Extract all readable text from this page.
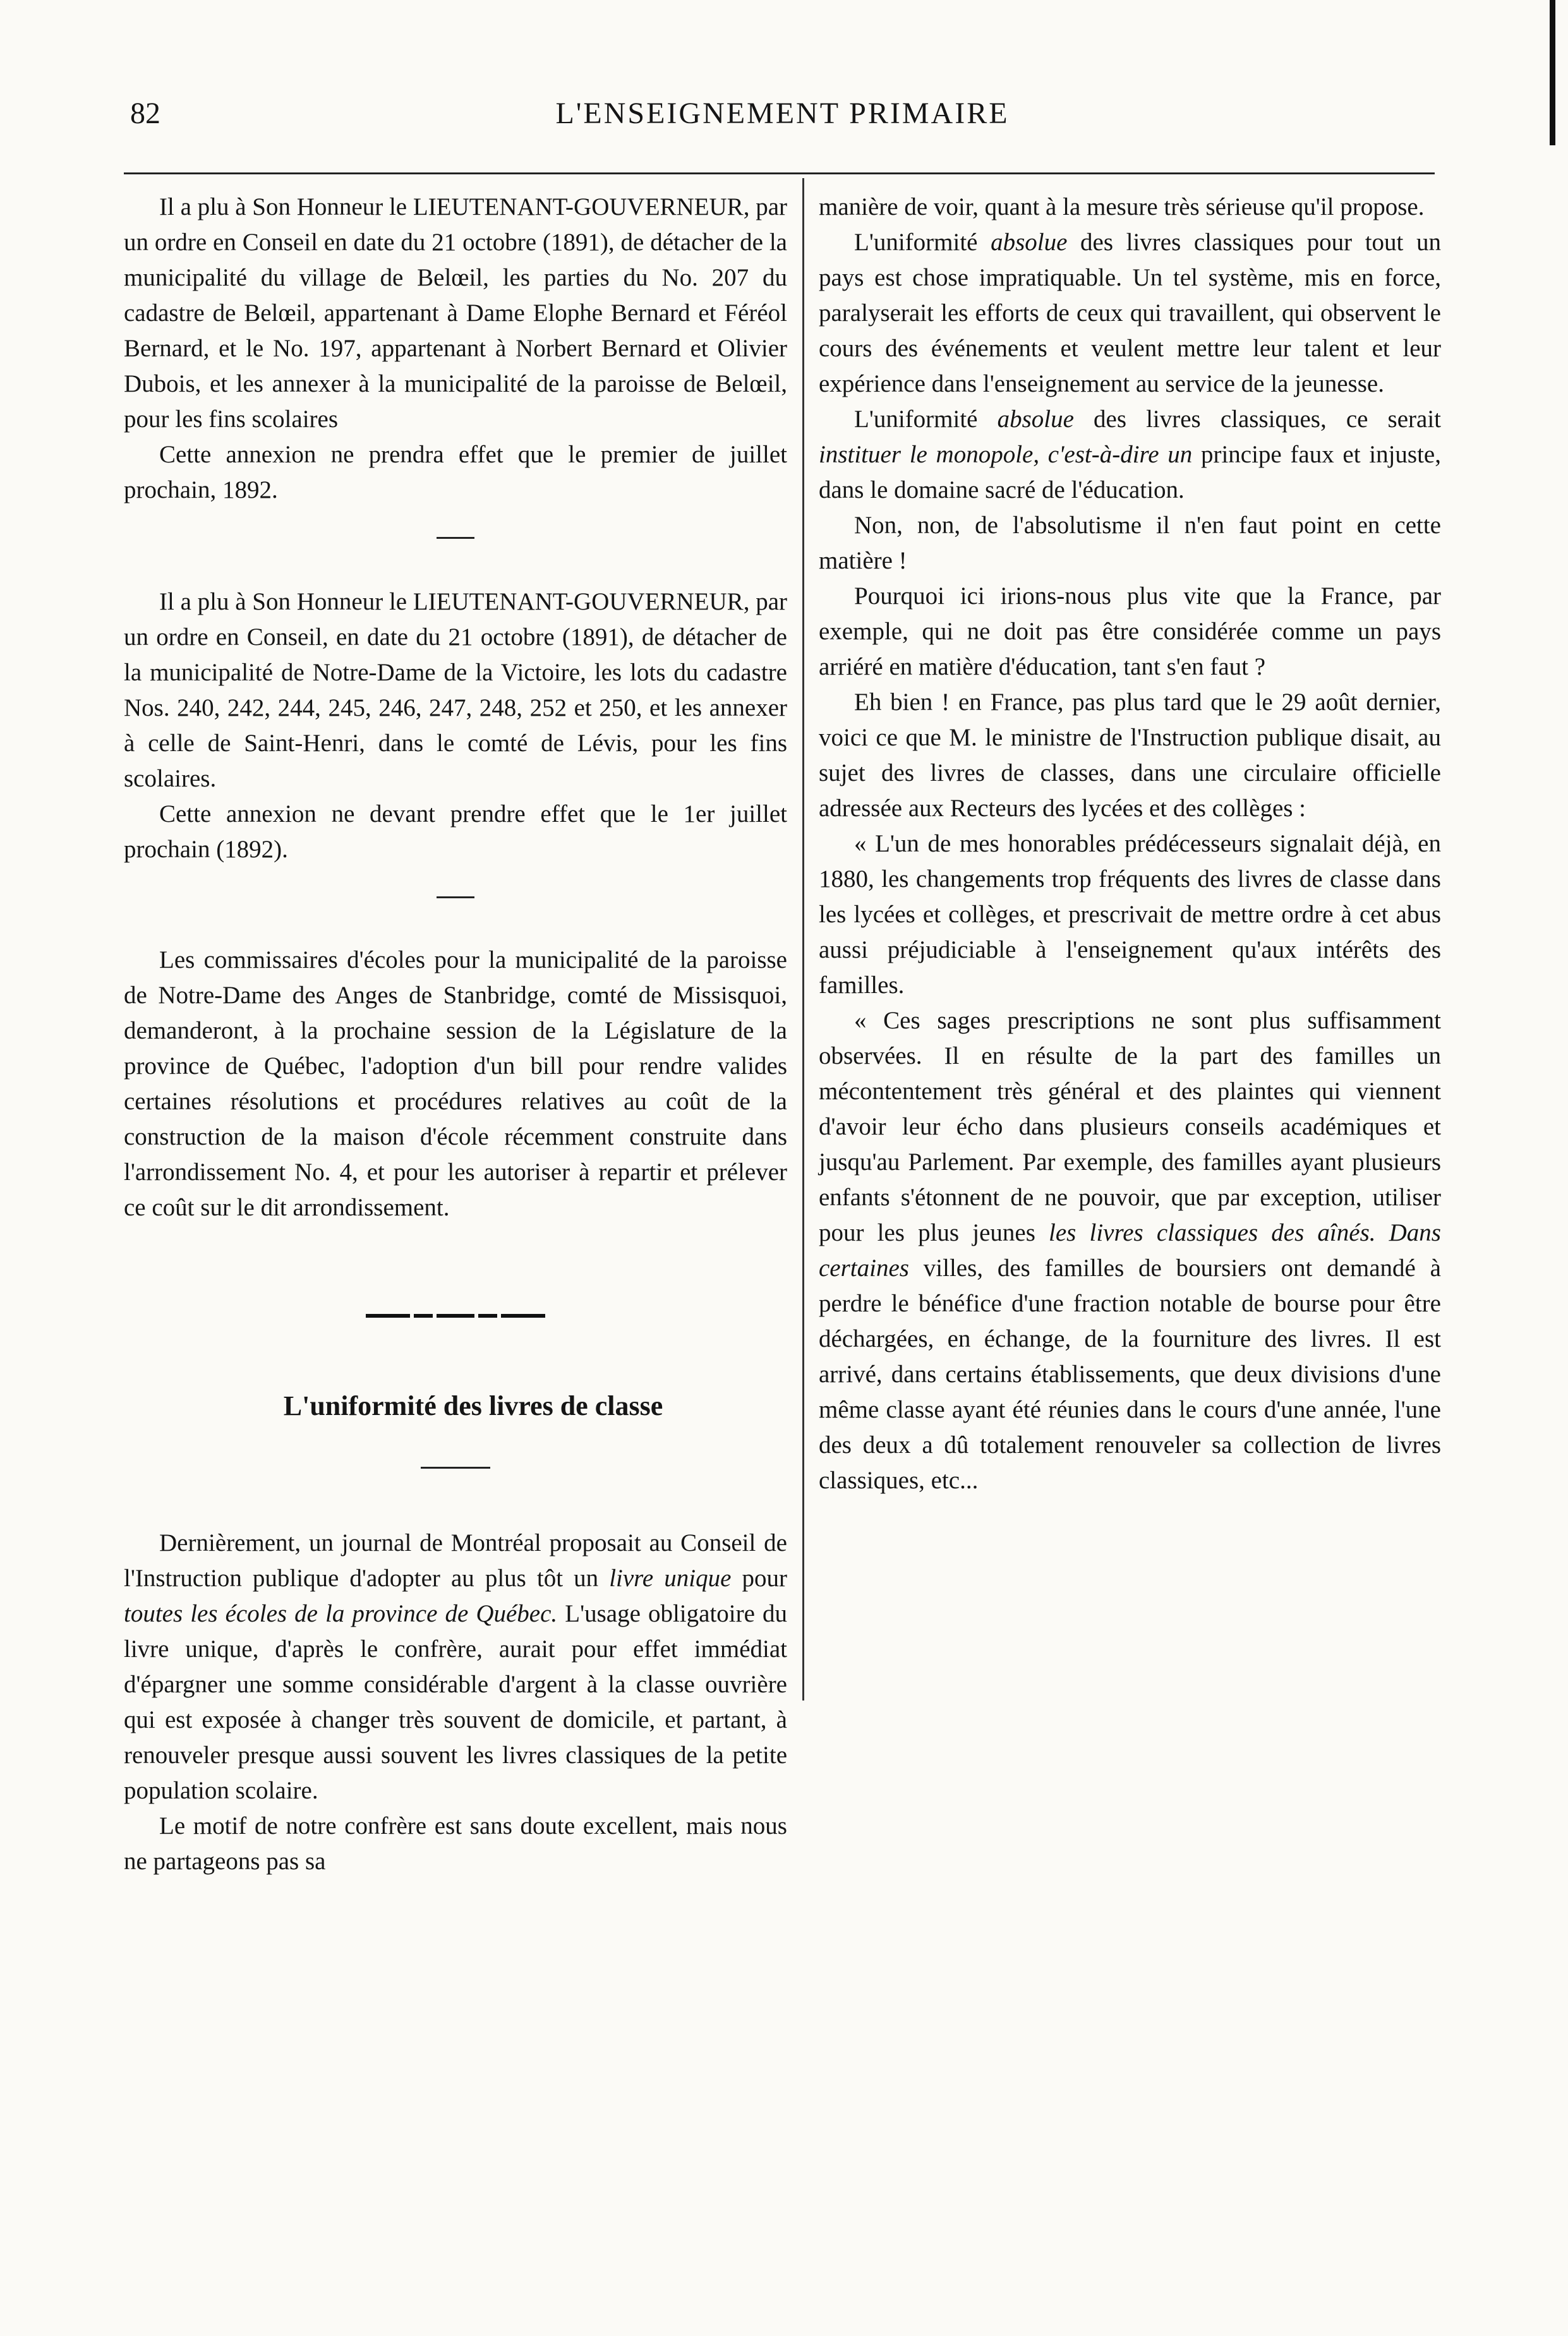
82	L'ENSEIGNEMENT PRIMAIRE

Il a plu à Son Honneur le LIEUTENANT-GOUVERNEUR, par un ordre en Conseil en date du 21 octobre (1891), de détacher de la municipalité du village de Belœil, les parties du No. 207 du cadastre de Belœil, appartenant à Dame Elophe Bernard et Féréol Bernard, et le No. 197, appartenant à Norbert Bernard et Olivier Dubois, et les annexer à la municipalité de la paroisse de Belœil, pour les fins scolaires

Cette annexion ne prendra effet que le premier de juillet prochain, 1892.

Il a plu à Son Honneur le LIEUTENANT-GOUVERNEUR, par un ordre en Conseil, en date du 21 octobre (1891), de détacher de la municipalité de Notre-Dame de la Victoire, les lots du cadastre Nos. 240, 242, 244, 245, 246, 247, 248, 252 et 250, et les annexer à celle de Saint-Henri, dans le comté de Lévis, pour les fins scolaires.

Cette annexion ne devant prendre effet que le 1er juillet prochain (1892).

Les commissaires d'écoles pour la municipalité de la paroisse de Notre-Dame des Anges de Stanbridge, comté de Missisquoi, demanderont, à la prochaine session de la Législature de la province de Québec, l'adoption d'un bill pour rendre valides certaines résolutions et procédures relatives au coût de la construction de la maison d'école récemment construite dans l'arrondissement No. 4, et pour les autoriser à repartir et prélever ce coût sur le dit arrondissement.

L'uniformité des livres de classe

Dernièrement, un journal de Montréal proposait au Conseil de l'Instruction publique d'adopter au plus tôt un livre unique pour toutes les écoles de la province de Québec. L'usage obligatoire du livre unique, d'après le confrère, aurait pour effet immédiat d'épargner une somme considérable d'argent à la classe ouvrière qui est exposée à changer très souvent de domicile, et partant, à renouveler presque aussi souvent les livres classiques de la petite population scolaire.

Le motif de notre confrère est sans doute excellent, mais nous ne partageons pas sa

manière de voir, quant à la mesure très sérieuse qu'il propose.

L'uniformité absolue des livres classiques pour tout un pays est chose impratiquable. Un tel système, mis en force, paralyserait les efforts de ceux qui travaillent, qui observent le cours des événements et veulent mettre leur talent et leur expérience dans l'enseignement au service de la jeunesse.

L'uniformité absolue des livres classiques, ce serait instituer le monopole, c'est-à-dire un principe faux et injuste, dans le domaine sacré de l'éducation.

Non, non, de l'absolutisme il n'en faut point en cette matière !

Pourquoi ici irions-nous plus vite que la France, par exemple, qui ne doit pas être considérée comme un pays arriéré en matière d'éducation, tant s'en faut ?

Eh bien ! en France, pas plus tard que le 29 août dernier, voici ce que M. le ministre de l'Instruction publique disait, au sujet des livres de classes, dans une circulaire officielle adressée aux Recteurs des lycées et des collèges :

« L'un de mes honorables prédécesseurs signalait déjà, en 1880, les changements trop fréquents des livres de classe dans les lycées et collèges, et prescrivait de mettre ordre à cet abus aussi préjudiciable à l'enseignement qu'aux intérêts des familles.

« Ces sages prescriptions ne sont plus suffisamment observées. Il en résulte de la part des familles un mécontentement très général et des plaintes qui viennent d'avoir leur écho dans plusieurs conseils académiques et jusqu'au Parlement. Par exemple, des familles ayant plusieurs enfants s'étonnent de ne pouvoir, que par exception, utiliser pour les plus jeunes les livres classiques des aînés. Dans certaines villes, des familles de boursiers ont demandé à perdre le bénéfice d'une fraction notable de bourse pour être déchargées, en échange, de la fourniture des livres. Il est arrivé, dans certains établissements, que deux divisions d'une même classe ayant été réunies dans le cours d'une année, l'une des deux a dû totalement renouveler sa collection de livres classiques, etc...
